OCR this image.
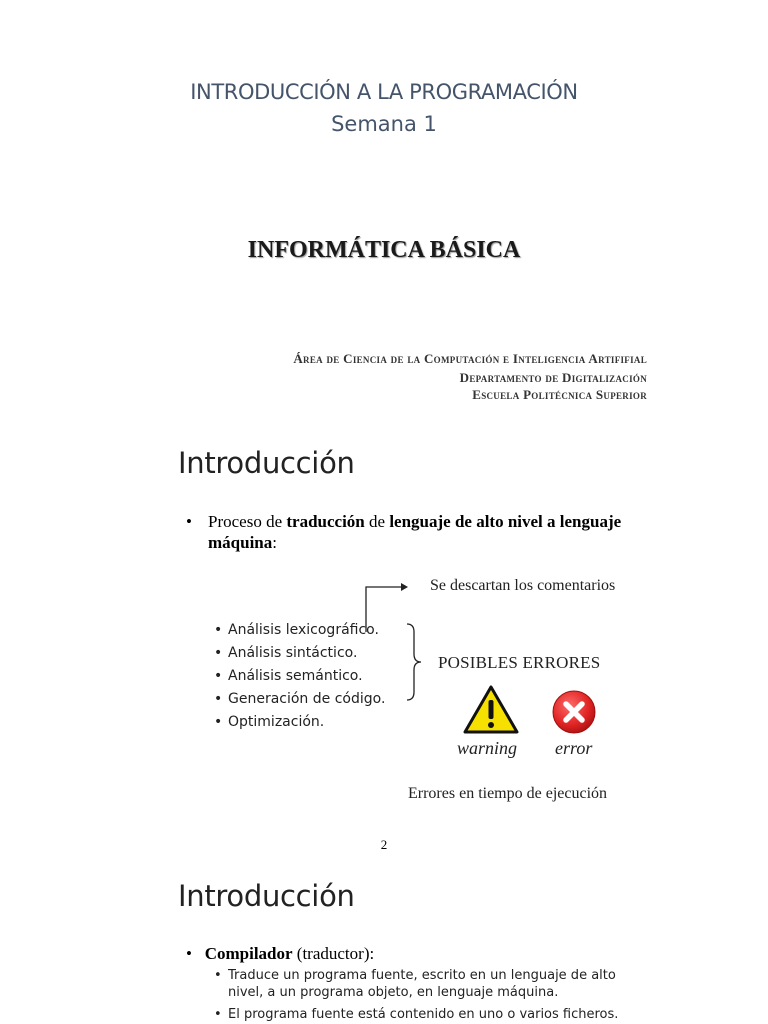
INTRODUCCIÓN A LA PROGRAMACIÓN
Semana 1
INFORMÁTICA BÁSICA
Área de Ciencia de la Computación e Inteligencia Artififial
Departamento de Digitalización
Escuela Politécnica Superior
Introducción
• Proceso de traducción de lenguaje de alto nivel a lenguaje máquina:
Se descartan los comentarios
• Análisis lexicográfico.
• Análisis sintáctico.
• Análisis semántico.
• Generación de código.
• Optimización.
POSIBLES ERRORES
warning error
Errores en tiempo de ejecución
2
Introducción
• Compilador (traductor):
• Traduce un programa fuente, escrito en un lenguaje de alto nivel, a un programa objeto, en lenguaje máquina.
• El programa fuente está contenido en uno o varios ficheros.
